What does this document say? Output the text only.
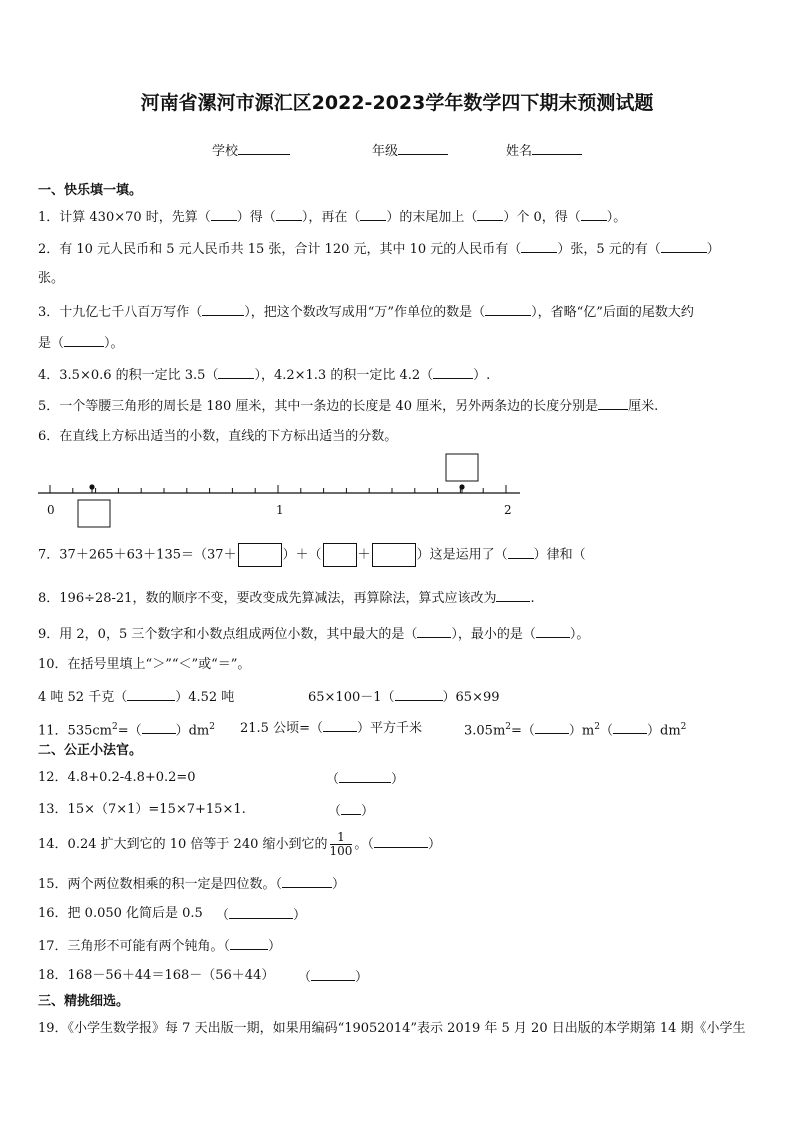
河南省漯河市源汇区2022-2023学年数学四下期末预测试题
学校	年级	姓名
一、快乐填一填。
1．计算 430×70 时，先算（ ）得（ ），再在（ ）的末尾加上（ ）个 0，得（ ）。
2．有 10 元人民币和 5 元人民币共 15 张，合计 120 元，其中 10 元的人民币有（	）张，5 元的有（	）
张。
3．十九亿七千八百万写作（	），把这个数改写成用“万”作单位的数是（	），省略“亿”后面的尾数大约
是（	）。
4．3.5×0.6 的积一定比 3.5（	），4.2×1.3 的积一定比 4.2（	）.
5．一个等腰三角形的周长是 180 厘米，其中一条边的长度是 40 厘米，另外两条边的长度分别是 厘米.
6．在直线上方标出适当的小数，直线的下方标出适当的分数。
0	1	2
7．37＋265＋63＋135＝（37＋	）＋（	＋	）这是运用了（ ）律和（
8．196÷28-21，数的顺序不变，要改变成先算减法，再算除法，算式应该改为	.
9．用 2，0，5 三个数字和小数点组成两位小数，其中最大的是（	），最小的是（	）。
10．在括号里填上“＞”“＜”或“＝”。
4 吨 52 千克（	）4.52 吨	65×100－1（	）65×99
11．$535cm^2=$（	）$dm^2$ 21.5 公顷=（	）平方千米	$3.05m^2=$（	）$m^2$（	）$dm^2$
二、公正小法官。
12．4.8+0.2-4.8+0.2=0	（	）
13．15×（7×1）=15×7+15×1.	（ ）
14．0.24 扩大到它的 10 倍等于 240 缩小到它的 $\frac{1}{100}$ 。（	）
15．两个两位数相乘的积一定是四位数。（	）
16．把 0.050 化简后是 0.5 （	）
17．三角形不可能有两个钝角。（	）
18．168－56＋44＝168－（56＋44） （	）
三、精挑细选。
19．《小学生数学报》每 7 天出版一期，如果用编码“19052014”表示 2019 年 5 月 20 日出版的本学期第 14 期《小学生
